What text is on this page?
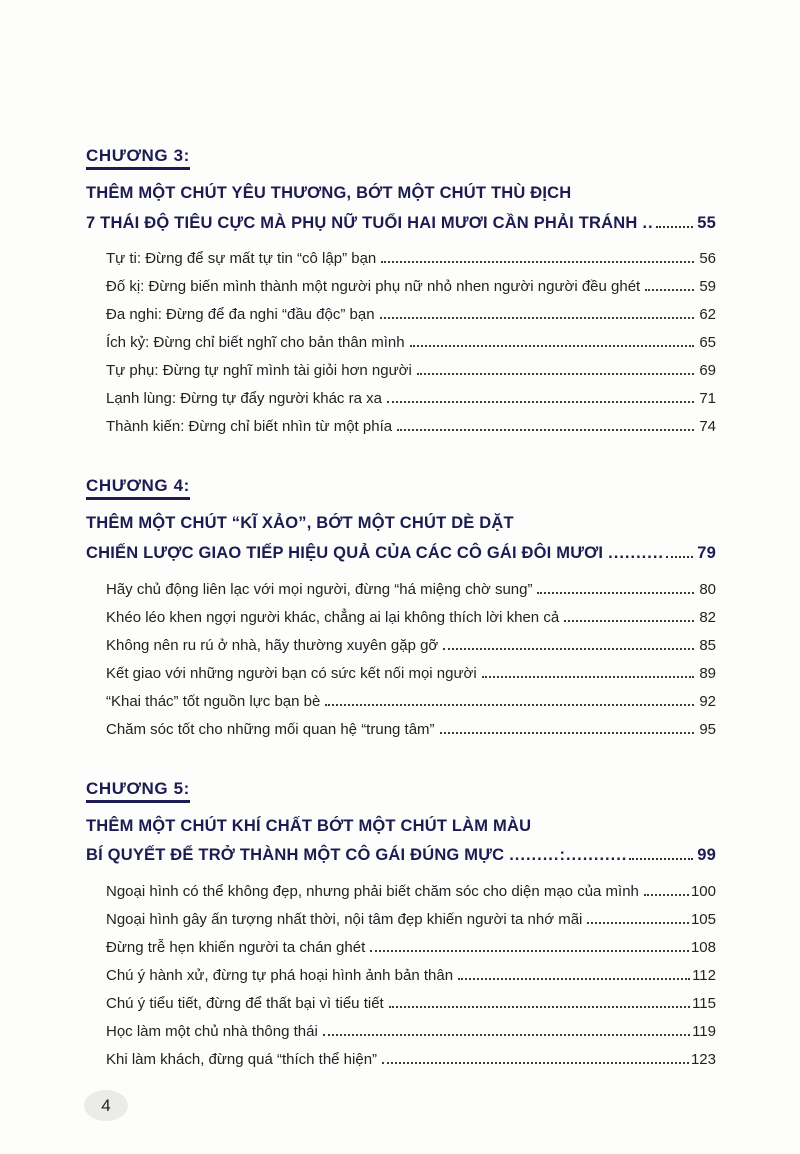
CHƯƠNG 3:
THÊM MỘT CHÚT YÊU THƯƠNG, BỚT MỘT CHÚT THÙ ĐỊCH
7 THÁI ĐỘ TIÊU CỰC MÀ PHỤ NỮ TUỔI HAI MƯƠI CẦN PHẢI TRÁNH ..	55
Tự ti: Đừng để sự mất tự tin “cô lập” bạn	56
Đố kị: Đừng biến mình thành một người phụ nữ nhỏ nhen người người đều ghét	59
Đa nghi: Đừng để đa nghi “đầu độc” bạn	62
Ích kỷ: Đừng chỉ biết nghĩ cho bản thân mình	65
Tự phụ: Đừng tự nghĩ mình tài giỏi hơn người	69
Lạnh lùng: Đừng tự đẩy người khác ra xa	71
Thành kiến: Đừng chỉ biết nhìn từ một phía	74
CHƯƠNG 4:
THÊM MỘT CHÚT “KĨ XẢO”, BỚT MỘT CHÚT DÈ DẶT
CHIẾN LƯỢC GIAO TIẾP HIỆU QUẢ CỦA CÁC CÔ GÁI ĐÔI MƯƠI .......... 79
Hãy chủ động liên lạc với mọi người, đừng “há miệng chờ sung”	80
Khéo léo khen ngợi người khác, chẳng ai lại không thích lời khen cả	82
Không nên ru rú ở nhà, hãy thường xuyên gặp gỡ	85
Kết giao với những người bạn có sức kết nối mọi người	89
“Khai thác” tốt nguồn lực bạn bè	92
Chăm sóc tốt cho những mối quan hệ “trung tâm”	95
CHƯƠNG 5:
THÊM MỘT CHÚT KHÍ CHẤT BỚT MỘT CHÚT LÀM MÀU
BÍ QUYẾT ĐỂ TRỞ THÀNH MỘT CÔ GÁI ĐÚNG MỰC .........:...........	99
Ngoại hình có thể không đẹp, nhưng phải biết chăm sóc cho diện mạo của mình	100
Ngoại hình gây ấn tượng nhất thời, nội tâm đẹp khiến người ta nhớ mãi	105
Đừng trễ hẹn khiến người ta chán ghét	108
Chú ý hành xử, đừng tự phá hoại hình ảnh bản thân	112
Chú ý tiểu tiết, đừng để thất bại vì tiểu tiết	115
Học làm một chủ nhà thông thái	119
Khi làm khách, đừng quá “thích thể hiện”	123
4
